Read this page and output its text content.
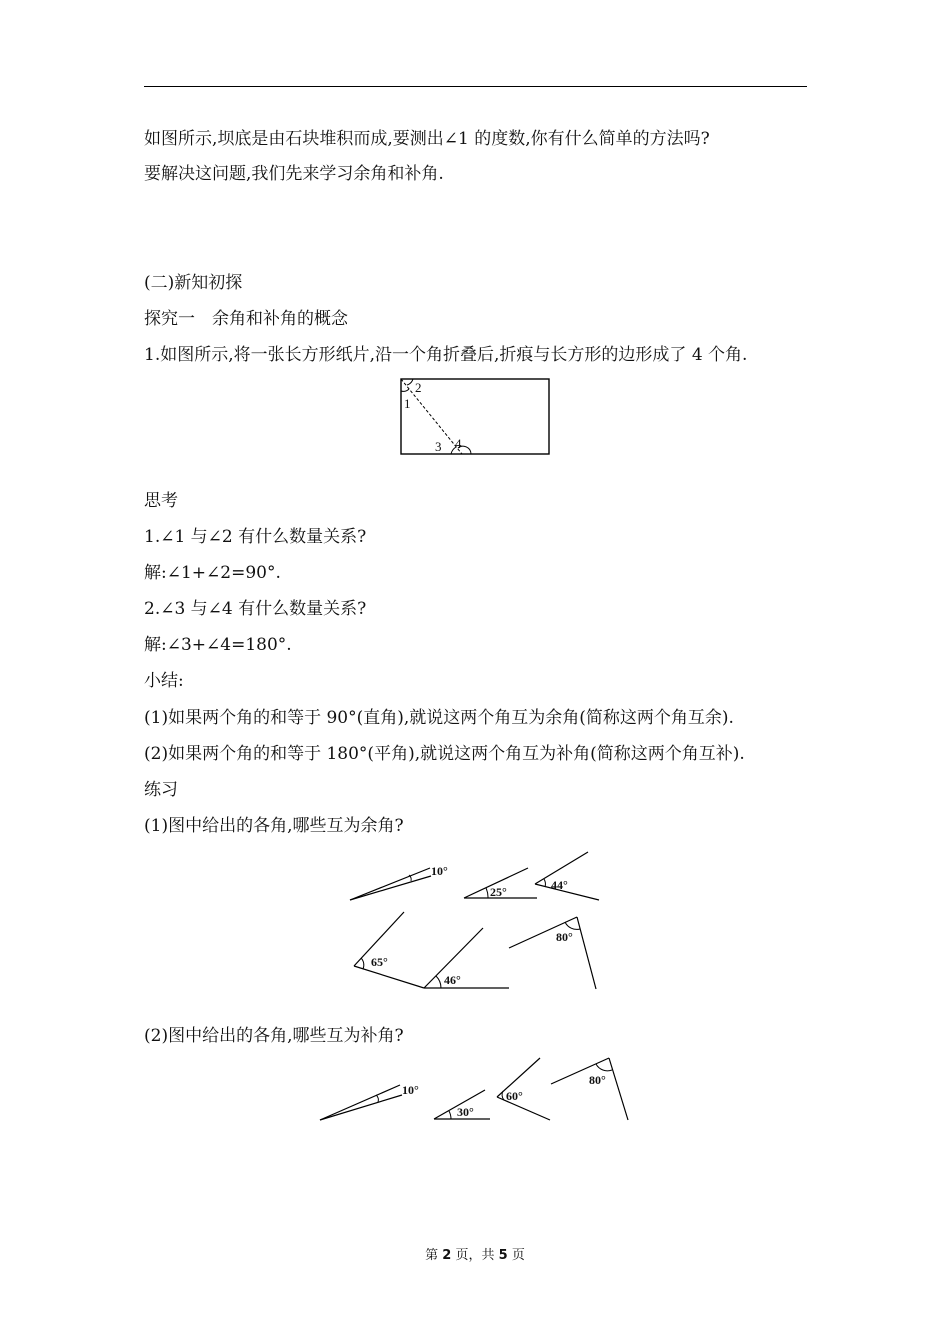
如图所示,坝底是由石块堆积而成,要测出∠1 的度数,你有什么简单的方法吗?
要解决这问题,我们先来学习余角和补角.
(二)新知初探
探究一　余角和补角的概念
1.如图所示,将一张长方形纸片,沿一个角折叠后,折痕与长方形的边形成了 4 个角.
1
2
3 4
思考
1.∠1 与∠2 有什么数量关系?
解:∠1+∠2=90°.
2.∠3 与∠4 有什么数量关系?
解:∠3+∠4=180°.
小结:
(1)如果两个角的和等于 90°(直角),就说这两个角互为余角(简称这两个角互余).
(2)如果两个角的和等于 180°(平角),就说这两个角互为补角(简称这两个角互补).
练习
(1)图中给出的各角,哪些互为余角?
10°
25°	44°
65°
46°
80°
(2)图中给出的各角,哪些互为补角?
10°
30°
60°
80°
第 2 页，共 5 页
